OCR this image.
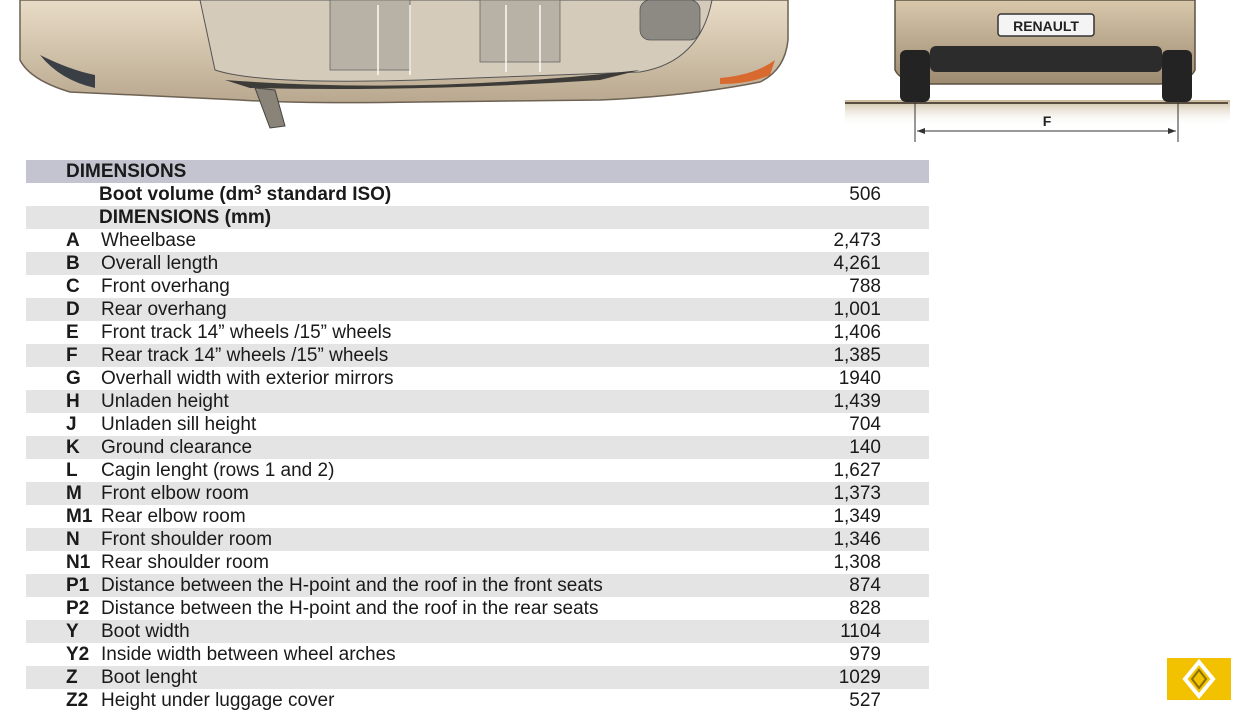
RENAULT
F
DIMENSIONS
Boot volume ($dm^3$ standard ISO)	506
DIMENSIONS (mm)
A Wheelbase	2,473
B Overall length	4,261
C Front overhang	788
D Rear overhang	1,001
E Front track 14” wheels /15” wheels	1,406
F Rear track 14” wheels /15” wheels	1,385
G Overhall width with exterior mirrors	1940
H Unladen height	1,439
J Unladen sill height	704
K Ground clearance	140
L Cagin lenght (rows 1 and 2)	1,627
M Front elbow room	1,373
M1 Rear elbow room	1,349
N Front shoulder room	1,346
N1 Rear shoulder room	1,308
P1 Distance between the H-point and the roof in the front seats	874
P2 Distance between the H-point and the roof in the rear seats	828
Y Boot width	1104
Y2 Inside width between wheel arches	979
Z Boot lenght	1029
Z2 Height under luggage cover	527
